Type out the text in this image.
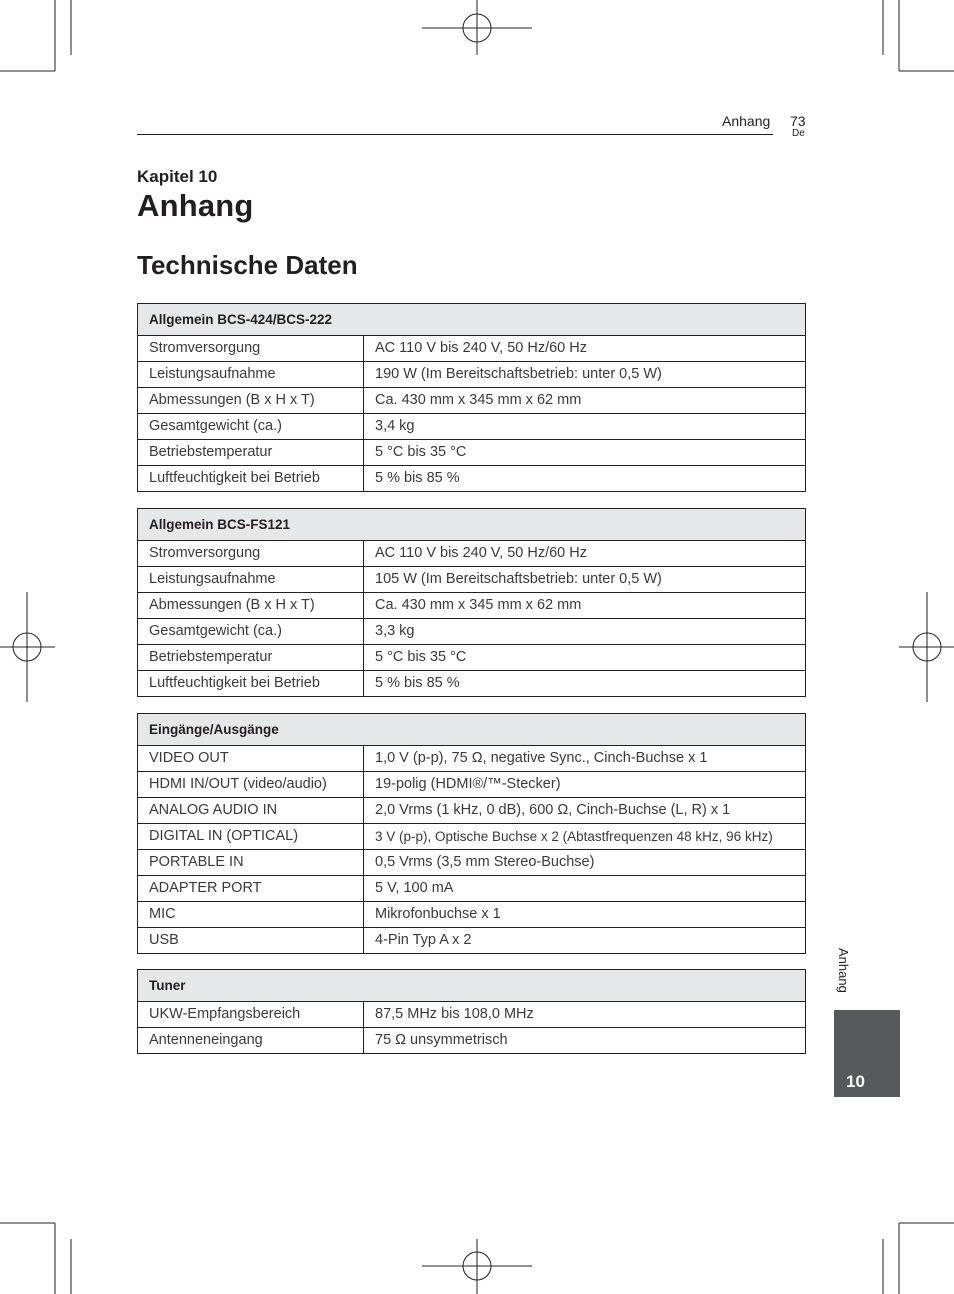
Anhang 73
De
Kapitel 10
Anhang
Technische Daten
Allgemein BCS-424/BCS-222	
Stromversorgung	AC 110 V bis 240 V, 50 Hz/60 Hz
Leistungsaufnahme	190 W (Im Bereitschaftsbetrieb: unter 0,5 W)
Abmessungen (B x H x T)	Ca. 430 mm x 345 mm x 62 mm
Gesamtgewicht (ca.)	3,4 kg
Betriebstemperatur	5 °C bis 35 °C
Luftfeuchtigkeit bei Betrieb	5 % bis 85 %
Allgemein BCS-FS121	
Stromversorgung	AC 110 V bis 240 V, 50 Hz/60 Hz
Leistungsaufnahme	105 W (Im Bereitschaftsbetrieb: unter 0,5 W)
Abmessungen (B x H x T)	Ca. 430 mm x 345 mm x 62 mm
Gesamtgewicht (ca.)	3,3 kg
Betriebstemperatur	5 °C bis 35 °C
Luftfeuchtigkeit bei Betrieb	5 % bis 85 %
Eingänge/Ausgänge	
VIDEO OUT	1,0 V (p-p), 75 Ω, negative Sync., Cinch-Buchse x 1
HDMI IN/OUT (video/audio)	19-polig (HDMI®/™-Stecker)
ANALOG AUDIO IN	2,0 Vrms (1 kHz, 0 dB), 600 Ω, Cinch-Buchse (L, R) x 1
DIGITAL IN (OPTICAL)	3 V (p-p), Optische Buchse x 2 (Abtastfrequenzen 48 kHz, 96 kHz)
PORTABLE IN	0,5 Vrms (3,5 mm Stereo-Buchse)
ADAPTER PORT	5 V, 100 mA
MIC	Mikrofonbuchse x 1
USB	4-Pin Typ A x 2
Tuner	
UKW-Empfangsbereich	87,5 MHz bis 108,0 MHz
Antenneneingang	75 Ω unsymmetrisch
Anhang
10
